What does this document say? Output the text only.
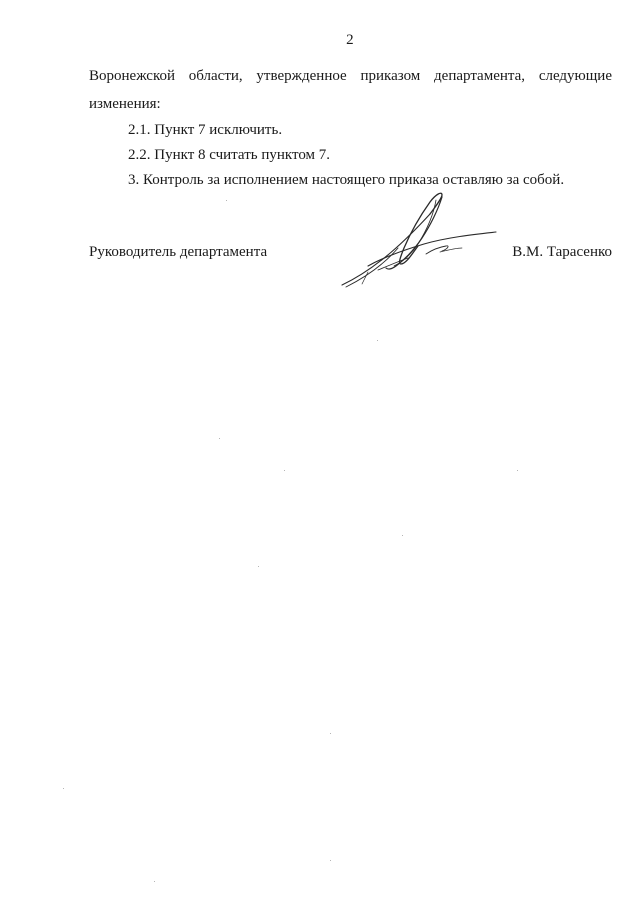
2
Воронежской области, утвержденное приказом департамента, следующие изменения:
2.1. Пункт 7 исключить.
2.2. Пункт 8 считать пунктом 7.
3. Контроль за исполнением настоящего приказа оставляю за собой.
Руководитель департамента	В.М. Тарасенко
